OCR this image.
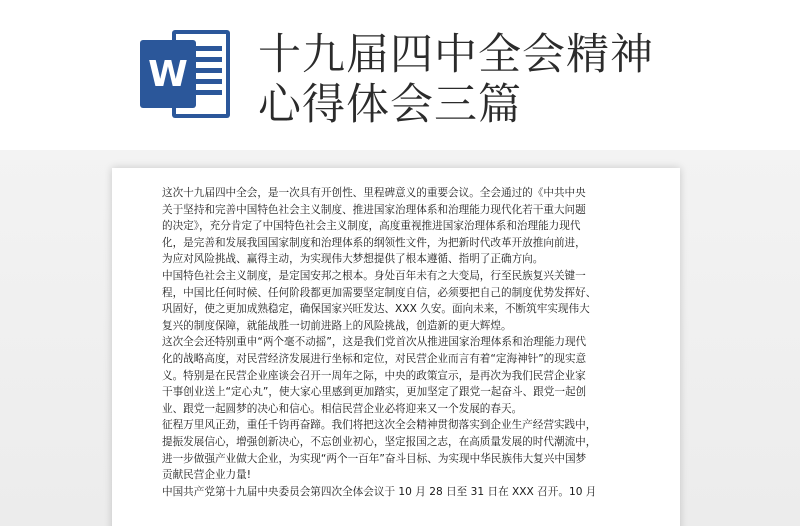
W 十九届四中全会精神
心得体会三篇
这次十九届四中全会，是一次具有开创性、里程碑意义的重要会议。全会通过的《中共中央
关于坚持和完善中国特色社会主义制度、推进国家治理体系和治理能力现代化若干重大问题
的决定》，充分肯定了中国特色社会主义制度，高度重视推进国家治理体系和治理能力现代
化，是完善和发展我国国家制度和治理体系的纲领性文件，为把新时代改革开放推向前进，
为应对风险挑战、赢得主动，为实现伟大梦想提供了根本遵循、指明了正确方向。
中国特色社会主义制度，是定国安邦之根本。身处百年未有之大变局，行至民族复兴关键一
程，中国比任何时候、任何阶段都更加需要坚定制度自信，必须要把自己的制度优势发挥好、
巩固好，使之更加成熟稳定，确保国家兴旺发达、XXX 久安。面向未来，不断筑牢实现伟大
复兴的制度保障，就能战胜一切前进路上的风险挑战，创造新的更大辉煌。
这次全会还特别重申“两个毫不动摇”，这是我们党首次从推进国家治理体系和治理能力现代
化的战略高度，对民营经济发展进行坐标和定位，对民营企业而言有着“定海神针”的现实意
义。特别是在民营企业座谈会召开一周年之际，中央的政策宣示，是再次为我们民营企业家
干事创业送上“定心丸”，使大家心里感到更加踏实，更加坚定了跟党一起奋斗、跟党一起创
业、跟党一起圆梦的决心和信心。相信民营企业必将迎来又一个发展的春天。
征程万里风正劲，重任千钧再奋蹄。我们将把这次全会精神贯彻落实到企业生产经营实践中，
提振发展信心，增强创新决心，不忘创业初心，坚定报国之志，在高质量发展的时代潮流中，
进一步做强产业做大企业，为实现“两个一百年”奋斗目标、为实现中华民族伟大复兴中国梦
贡献民营企业力量!
中国共产党第十九届中央委员会第四次全体会议于 10 月 28 日至 31 日在 XXX 召开。10 月
